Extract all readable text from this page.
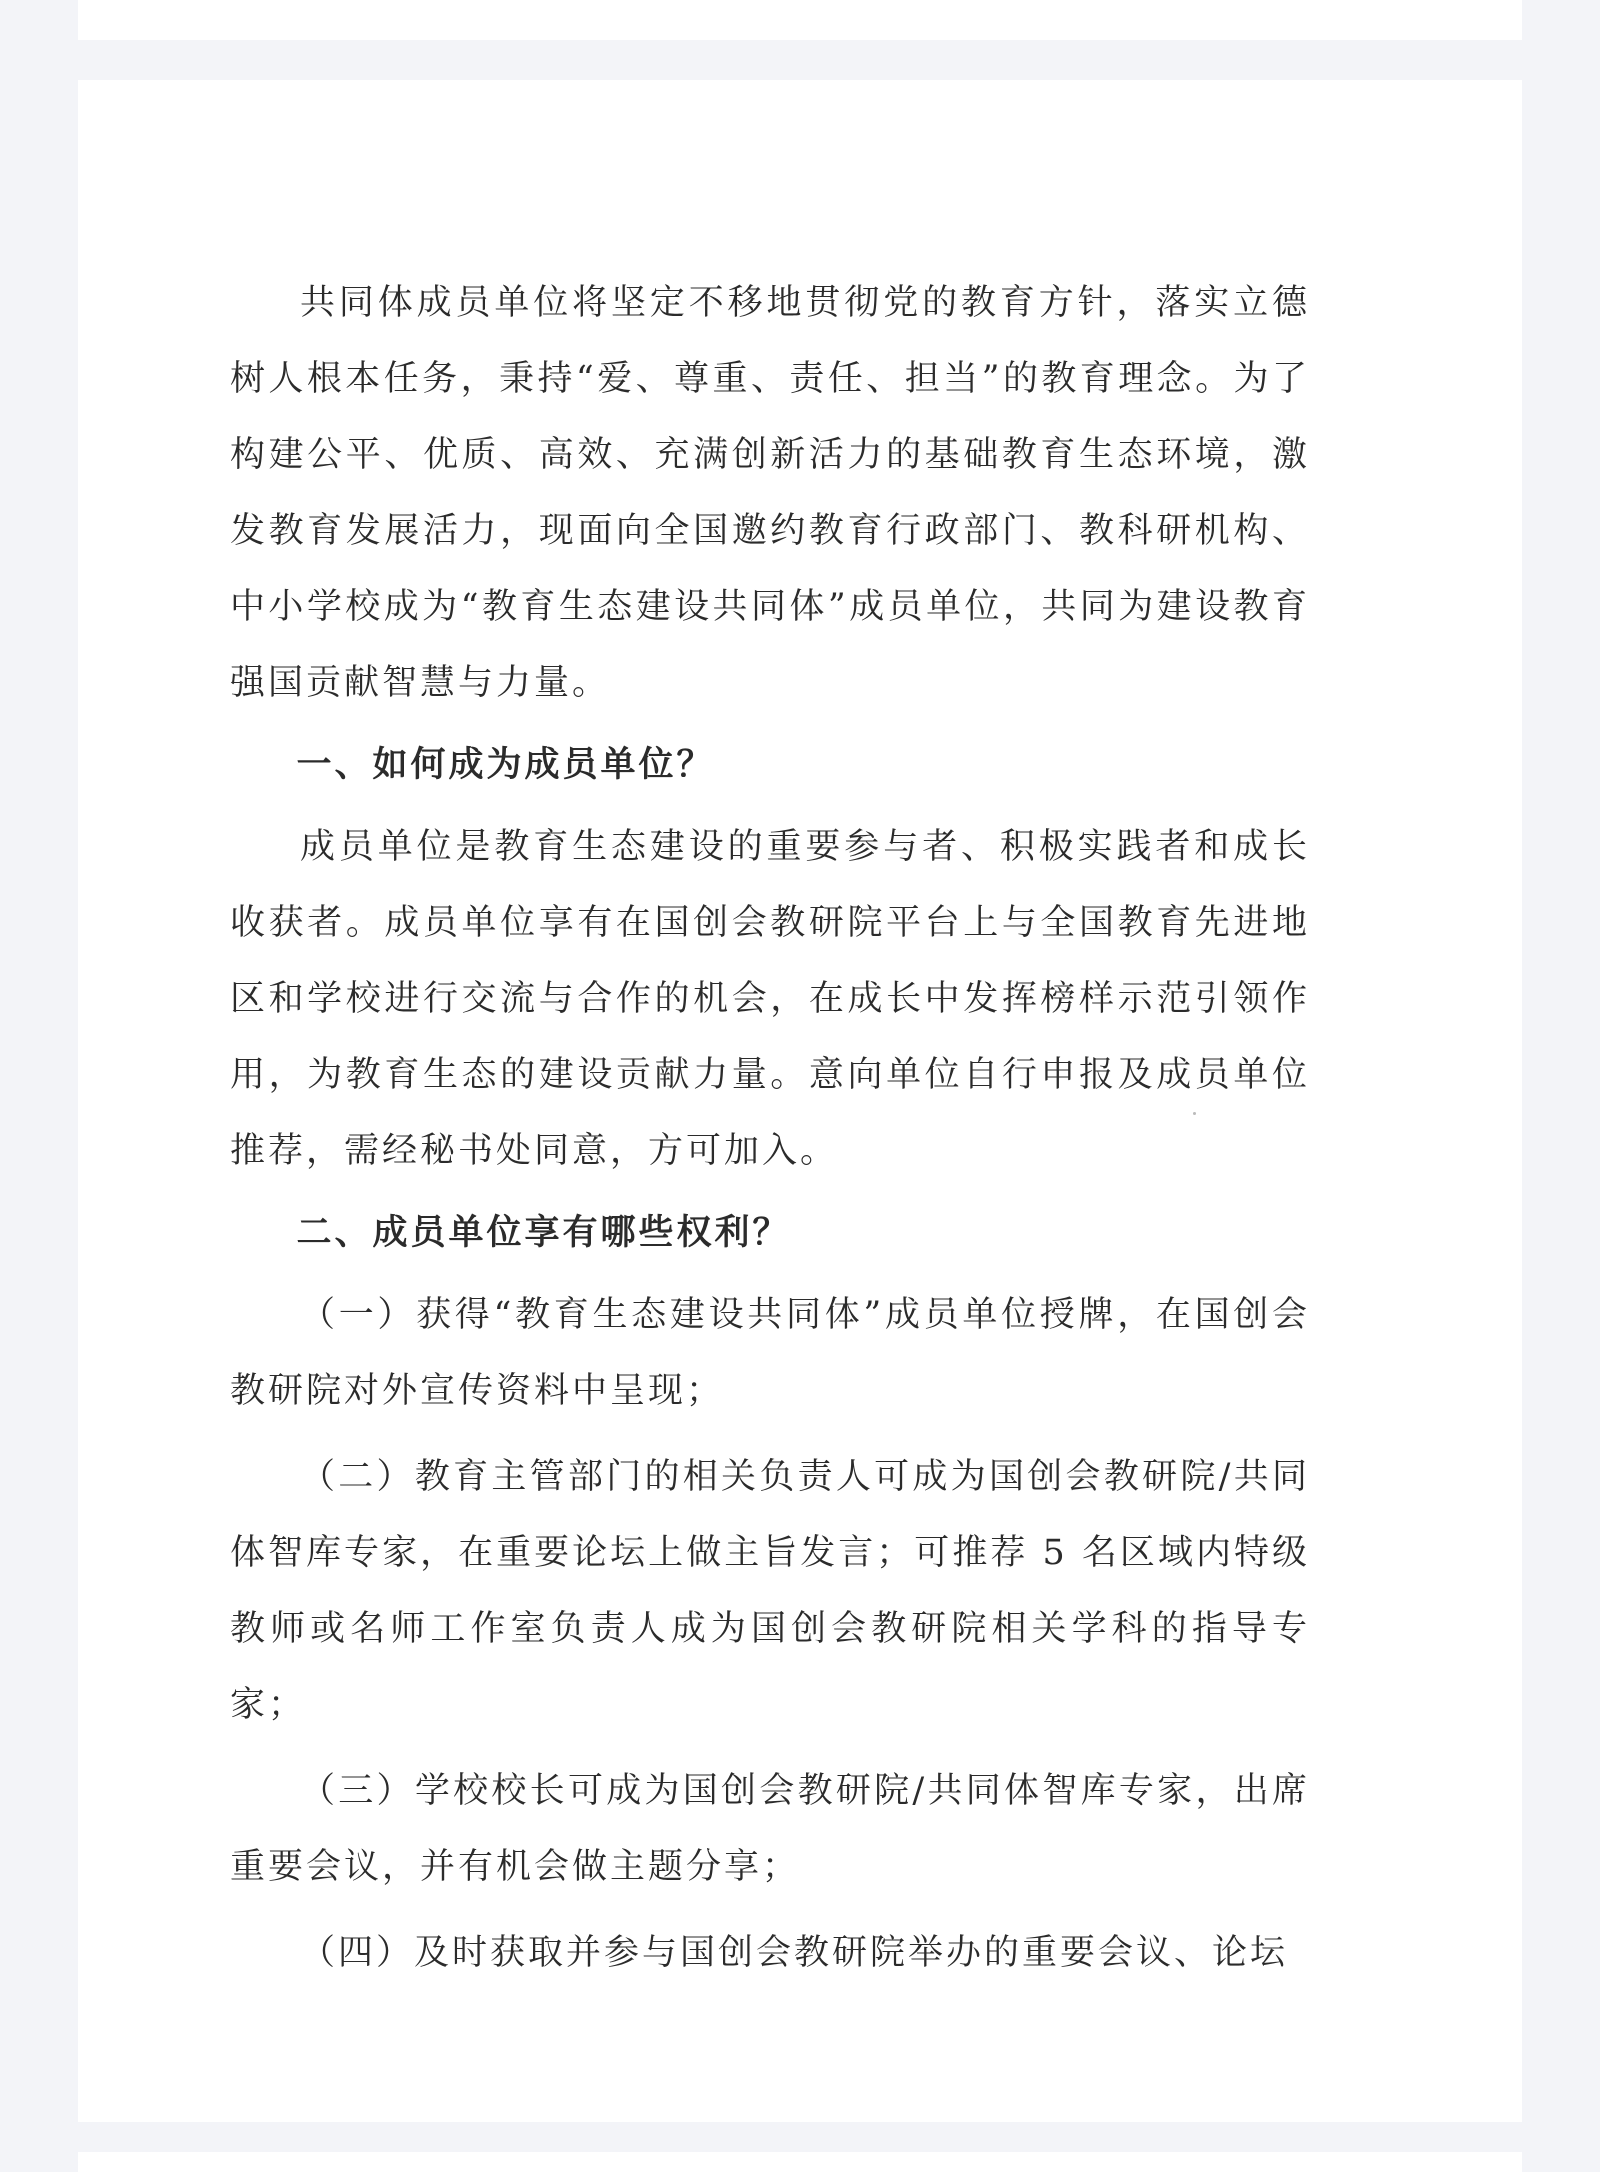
共同体成员单位将坚定不移地贯彻党的教育方针，落实立德树人根本任务，秉持“爱、尊重、责任、担当”的教育理念。为了构建公平、优质、高效、充满创新活力的基础教育生态环境，激发教育发展活力，现面向全国邀约教育行政部门、教科研机构、中小学校成为“教育生态建设共同体”成员单位，共同为建设教育强国贡献智慧与力量。

一、如何成为成员单位？

成员单位是教育生态建设的重要参与者、积极实践者和成长收获者。成员单位享有在国创会教研院平台上与全国教育先进地区和学校进行交流与合作的机会，在成长中发挥榜样示范引领作用，为教育生态的建设贡献力量。意向单位自行申报及成员单位推荐，需经秘书处同意，方可加入。

二、成员单位享有哪些权利？

（一）获得“教育生态建设共同体”成员单位授牌，在国创会教研院对外宣传资料中呈现；

（二）教育主管部门的相关负责人可成为国创会教研院/共同体智库专家，在重要论坛上做主旨发言；可推荐 5 名区域内特级教师或名师工作室负责人成为国创会教研院相关学科的指导专家；

（三）学校校长可成为国创会教研院/共同体智库专家，出席重要会议，并有机会做主题分享；

（四）及时获取并参与国创会教研院举办的重要会议、论坛
